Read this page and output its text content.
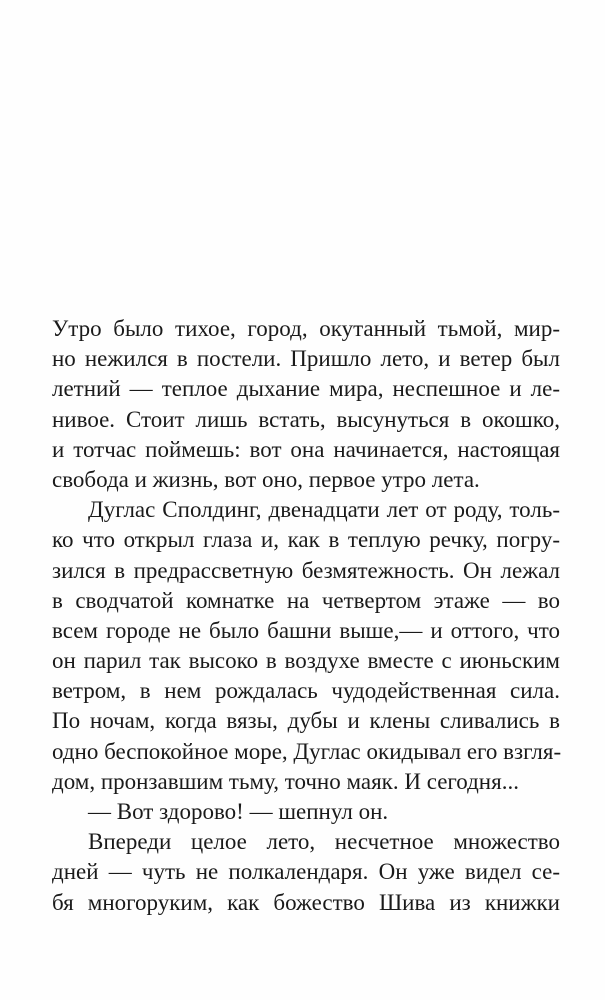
Утро было тихое, город, окутанный тьмой, мир-
но нежился в постели. Пришло лето, и ветер был
летний — теплое дыхание мира, неспешное и ле-
нивое. Стоит лишь встать, высунуться в окошко,
и тотчас поймешь: вот она начинается, настоящая
свобода и жизнь, вот оно, первое утро лета.
Дуглас Сполдинг, двенадцати лет от роду, толь-
ко что открыл глаза и, как в теплую речку, погру-
зился в предрассветную безмятежность. Он лежал
в сводчатой комнатке на четвертом этаже — во
всем городе не было башни выше,— и оттого, что
он парил так высоко в воздухе вместе с июньским
ветром, в нем рождалась чудодейственная сила.
По ночам, когда вязы, дубы и клены сливались в
одно беспокойное море, Дуглас окидывал его взгля-
дом, пронзавшим тьму, точно маяк. И сегодня...
— Вот здорово! — шепнул он.
Впереди целое лето, несчетное множество
дней — чуть не полкалендаря. Он уже видел се-
бя многоруким, как божество Шива из книжки
